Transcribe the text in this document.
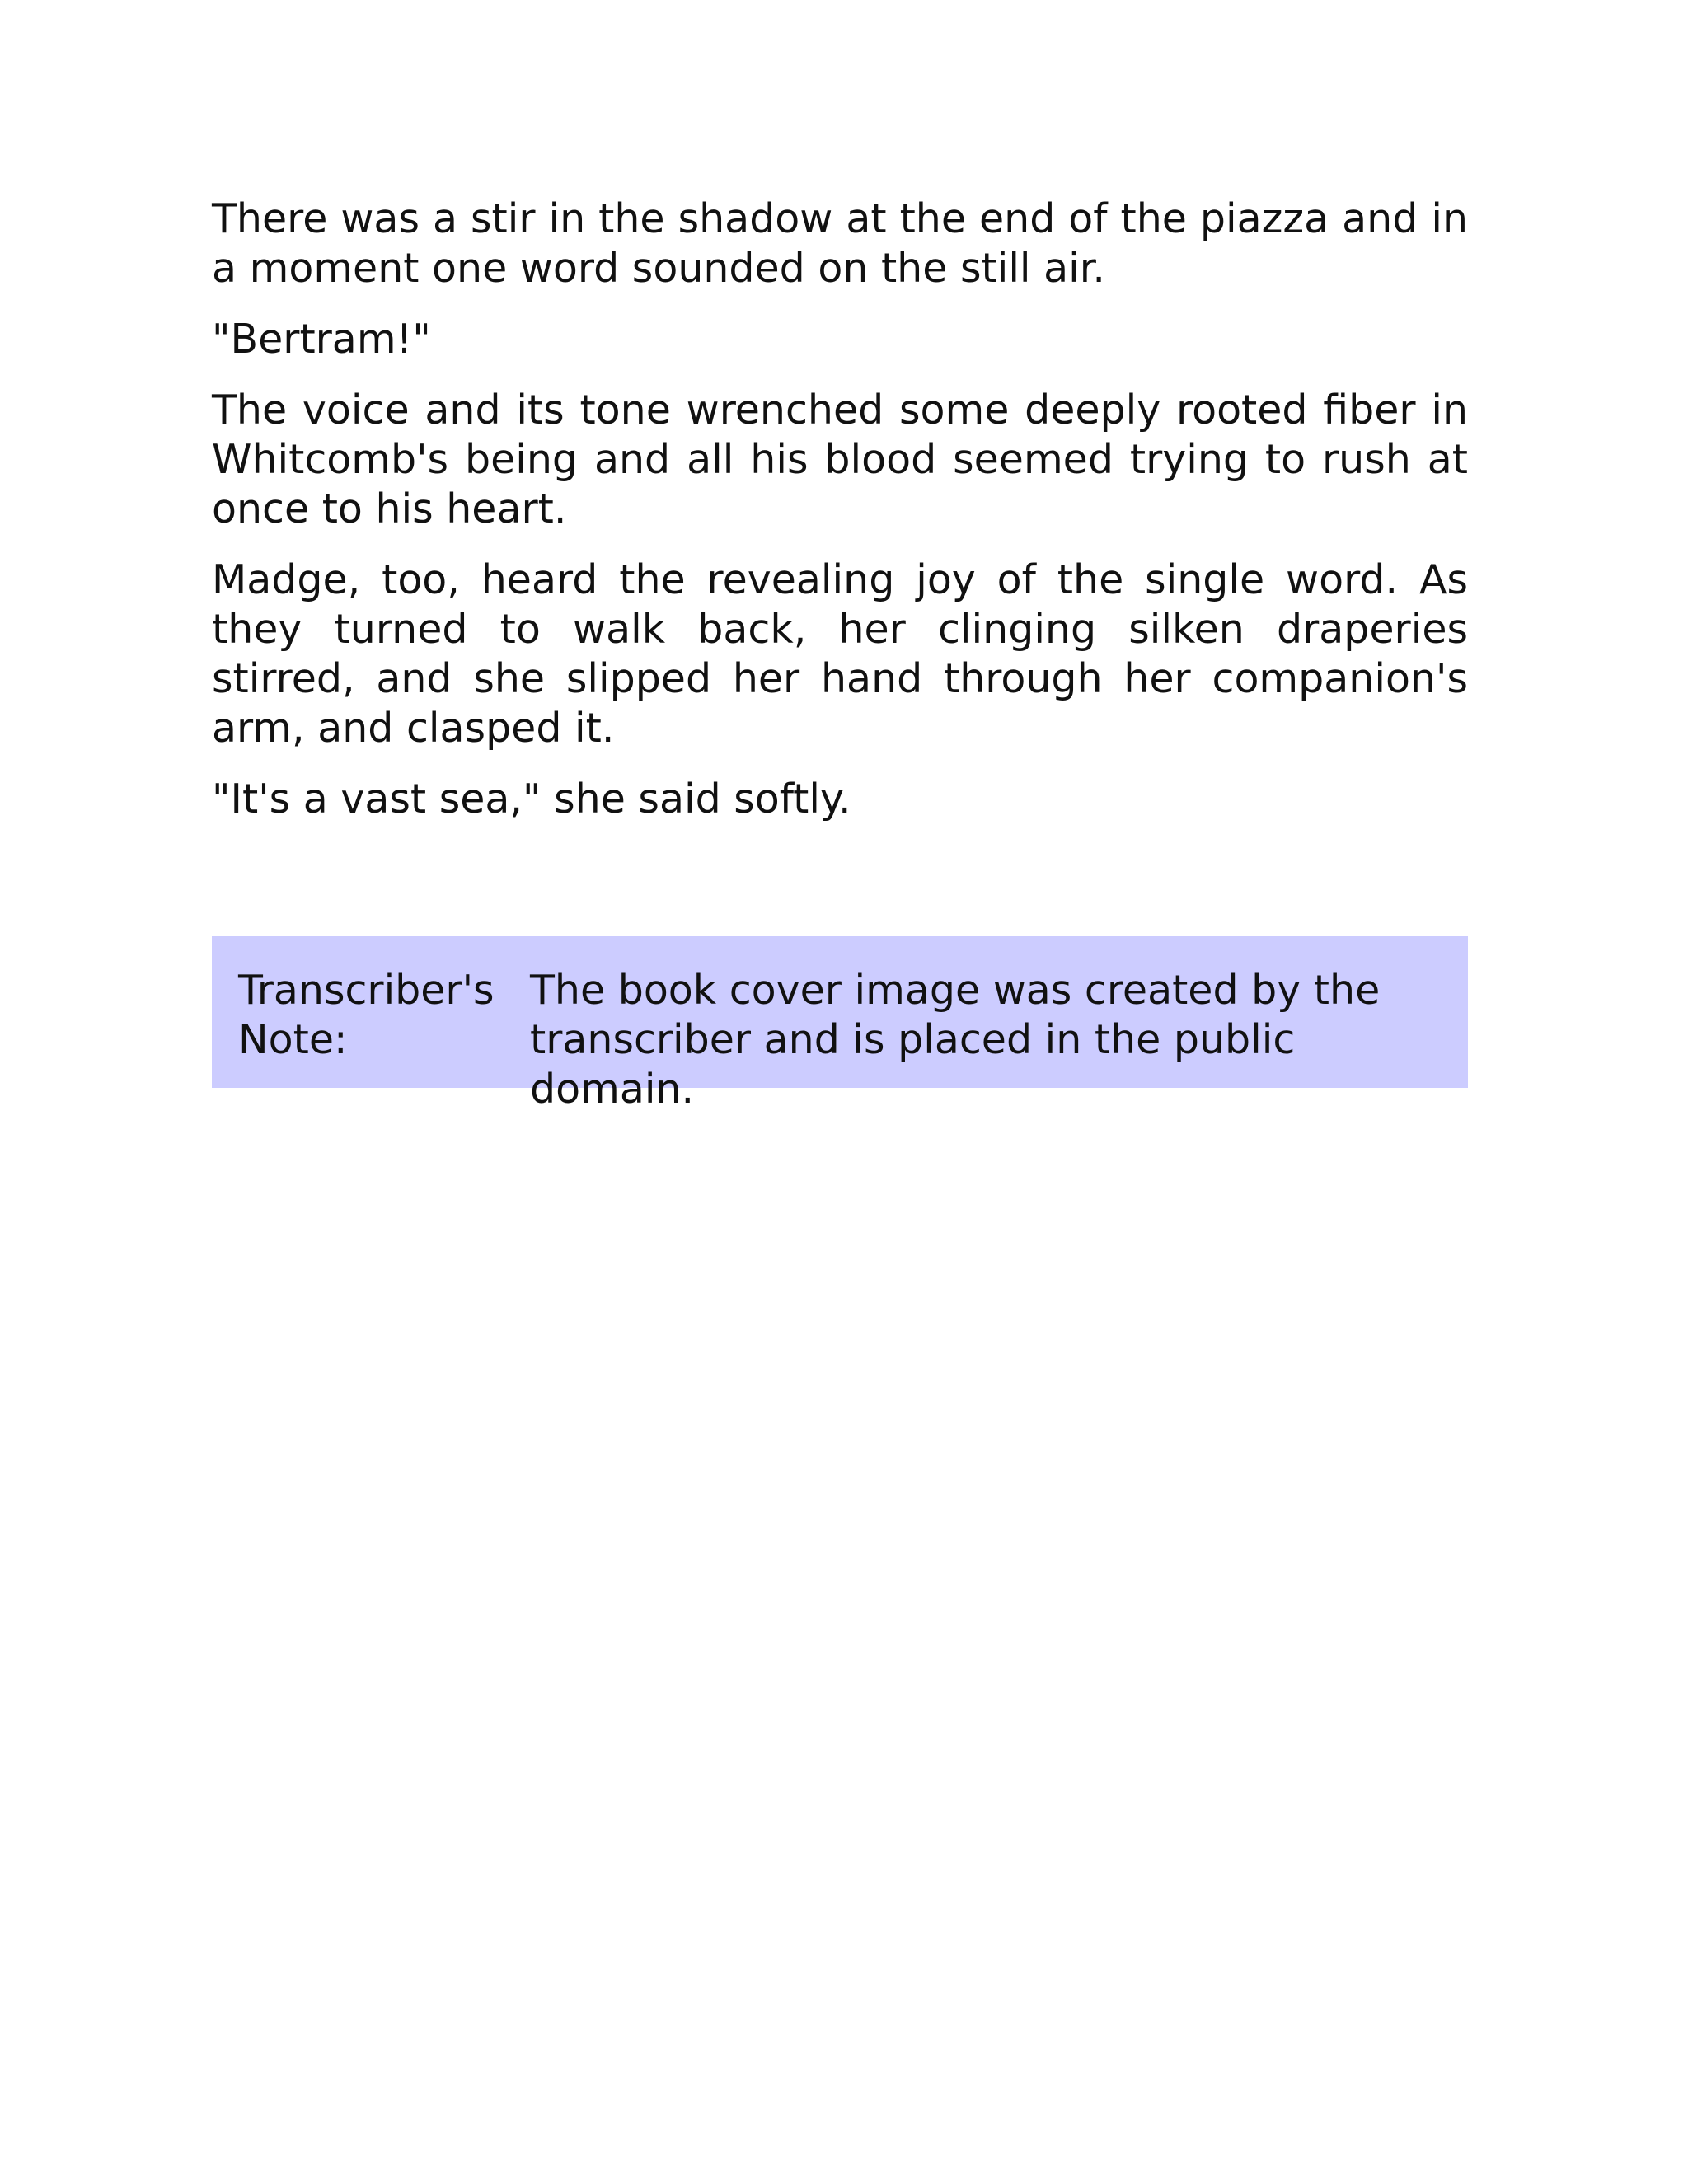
There was a stir in the shadow at the end of the piazza and in a moment one word sounded on the still air.

"Bertram!"

The voice and its tone wrenched some deeply rooted fiber in Whitcomb's being and all his blood seemed trying to rush at once to his heart.

Madge, too, heard the revealing joy of the single word. As they turned to walk back, her clinging silken draperies stirred, and she slipped her hand through her companion's arm, and clasped it.

"It's a vast sea," she said softly.

Transcriber's Note:
The book cover image was created by the transcriber and is placed in the public domain.
